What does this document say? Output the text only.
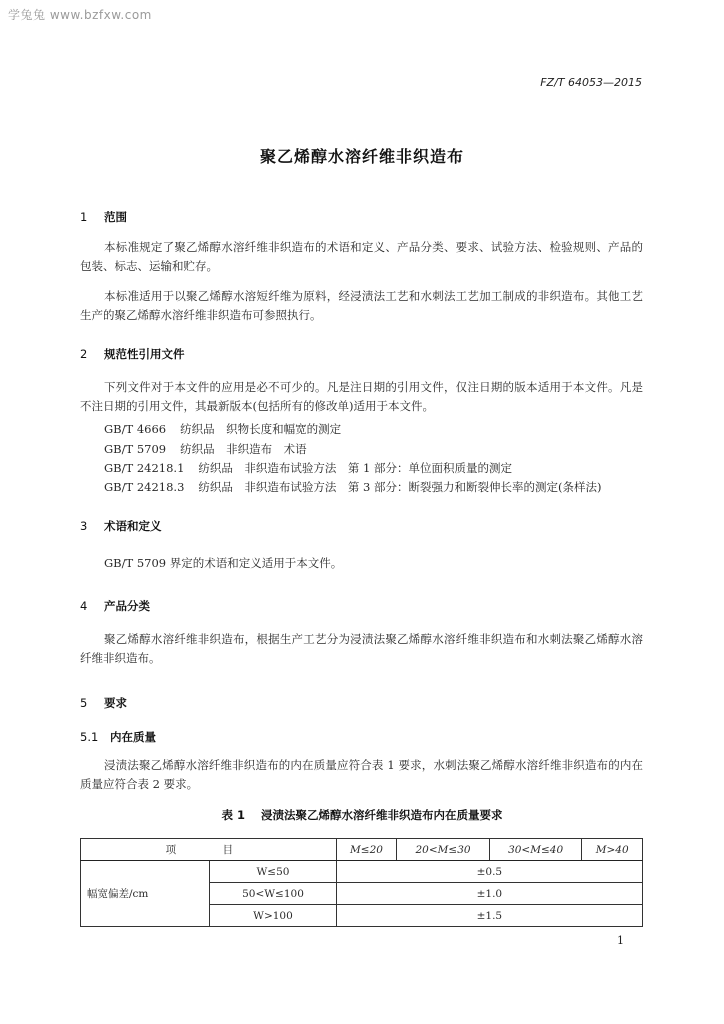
学兔兔 www.bzfxw.com
FZ/T 64053—2015
聚乙烯醇水溶纤维非织造布
1 范围

本标准规定了聚乙烯醇水溶纤维非织造布的术语和定义、产品分类、要求、试验方法、检验规则、产品的包装、标志、运输和贮存。

本标准适用于以聚乙烯醇水溶短纤维为原料，经浸渍法工艺和水刺法工艺加工制成的非织造布。其他工艺生产的聚乙烯醇水溶纤维非织造布可参照执行。

2 规范性引用文件

下列文件对于本文件的应用是必不可少的。凡是注日期的引用文件，仅注日期的版本适用于本文件。凡是不注日期的引用文件，其最新版本(包括所有的修改单)适用于本文件。

GB/T 4666 纺织品　织物长度和幅宽的测定
GB/T 5709 纺织品　非织造布　术语
GB/T 24218.1 纺织品　非织造布试验方法　第 1 部分：单位面积质量的测定
GB/T 24218.3 纺织品　非织造布试验方法　第 3 部分：断裂强力和断裂伸长率的测定(条样法)
3 术语和定义

GB/T 5709 界定的术语和定义适用于本文件。

4 产品分类

聚乙烯醇水溶纤维非织造布，根据生产工艺分为浸渍法聚乙烯醇水溶纤维非织造布和水刺法聚乙烯醇水溶纤维非织造布。

5 要求
5.1 内在质量

浸渍法聚乙烯醇水溶纤维非织造布的内在质量应符合表 1 要求，水刺法聚乙烯醇水溶纤维非织造布的内在质量应符合表 2 要求。

表 1 浸渍法聚乙烯醇水溶纤维非织造布内在质量要求
项　目		M≤20	20<M≤30	30<M≤40	M>40
幅宽偏差/cm	W≤50	±0.5			
	50<W≤100	±1.0			
	W>100	±1.5			
1
